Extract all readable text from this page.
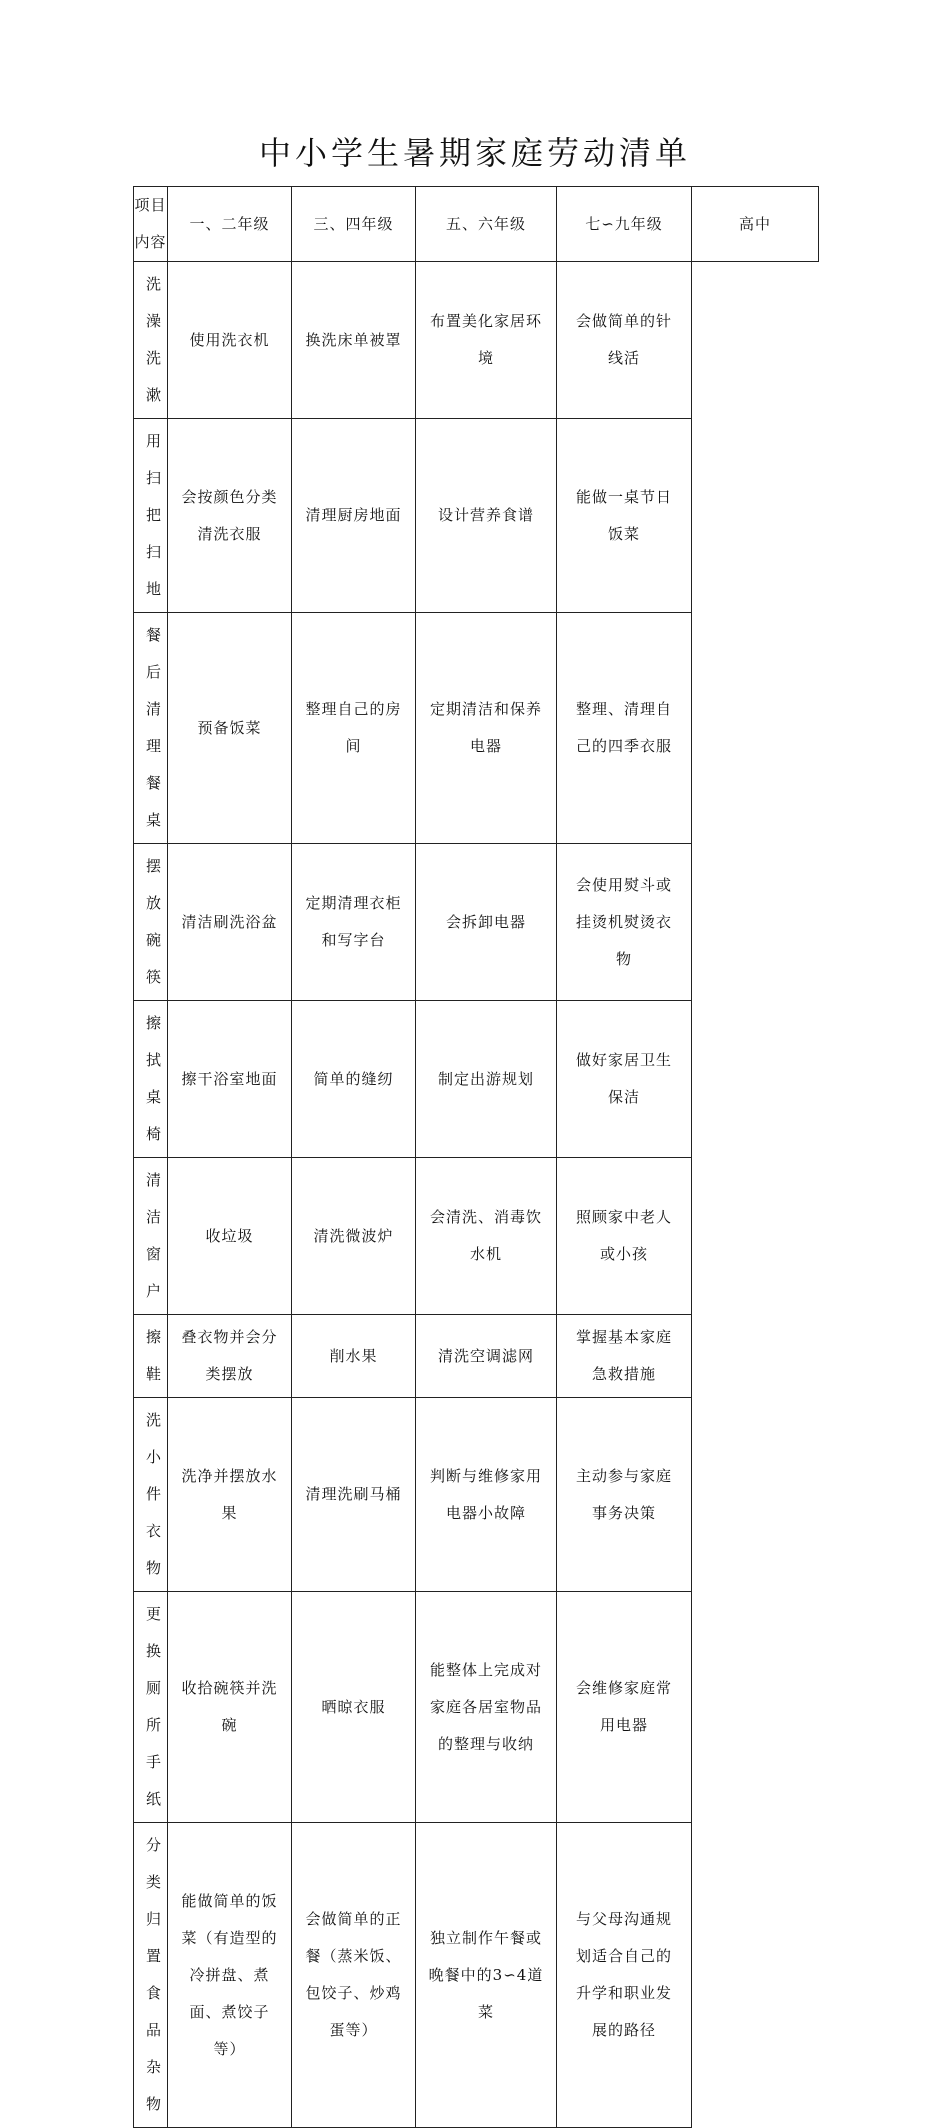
中小学生暑期家庭劳动清单
项目内容	一、二年级	三、四年级	五、六年级	七∽九年级	高中
洗澡洗漱	使用洗衣机	换洗床单被罩	布置美化家居环境	会做简单的针线活	
用扫把扫地	会按颜色分类清洗衣服	清理厨房地面	设计营养食谱	能做一桌节日饭菜	
餐后清理餐桌	预备饭菜	整理自己的房间	定期清洁和保养电器	整理、清理自己的四季衣服	
摆放碗筷	清洁刷洗浴盆	定期清理衣柜和写字台	会拆卸电器	会使用熨斗或挂烫机熨烫衣物	
擦拭桌椅	擦干浴室地面	简单的缝纫	制定出游规划	做好家居卫生保洁	
清洁窗户	收垃圾	清洗微波炉	会清洗、消毒饮水机	照顾家中老人或小孩	
擦鞋	叠衣物并会分类摆放	削水果	清洗空调滤网	掌握基本家庭急救措施	
洗小件衣物	洗净并摆放水果	清理洗刷马桶	判断与维修家用电器小故障	主动参与家庭事务决策	
更换厕所手纸	收拾碗筷并洗碗	晒晾衣服	能整体上完成对家庭各居室物品的整理与收纳	会维修家庭常用电器	
分类归置食品杂物	能做简单的饭菜（有造型的冷拼盘、煮面、煮饺子等）	会做简单的正餐（蒸米饭、包饺子、炒鸡蛋等）	独立制作午餐或晚餐中的3∽4道菜	与父母沟通规划适合自己的升学和职业发展的路径	
